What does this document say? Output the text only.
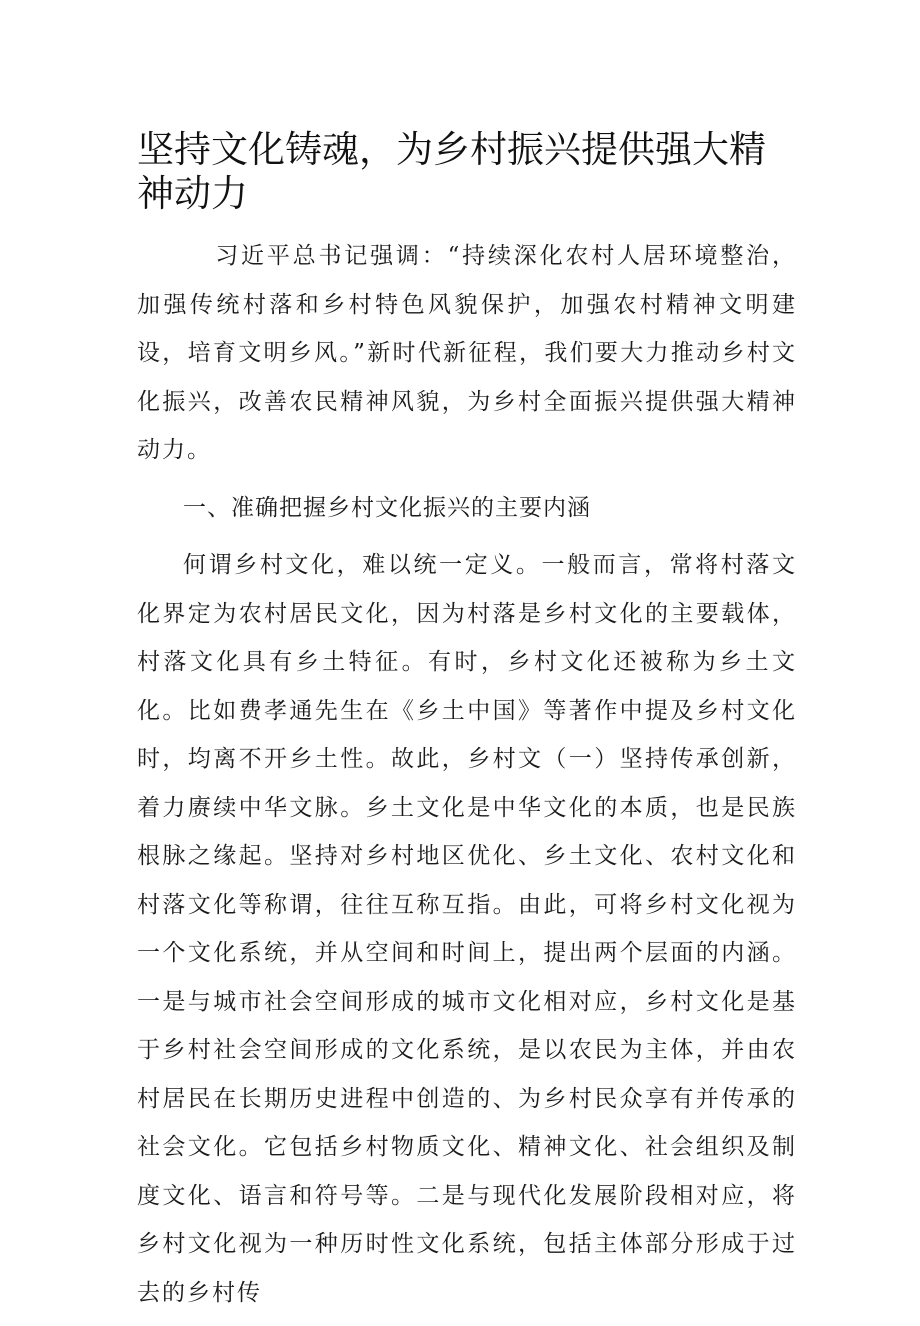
坚持文化铸魂，为乡村振兴提供强大精神动力

习近平总书记强调：“持续深化农村人居环境整治，加强传统村落和乡村特色风貌保护，加强农村精神文明建设，培育文明乡风。”新时代新征程，我们要大力推动乡村文化振兴，改善农民精神风貌，为乡村全面振兴提供强大精神动力。

一、准确把握乡村文化振兴的主要内涵

何谓乡村文化，难以统一定义。一般而言，常将村落文化界定为农村居民文化，因为村落是乡村文化的主要载体，村落文化具有乡土特征。有时，乡村文化还被称为乡土文化。比如费孝通先生在《乡土中国》等著作中提及乡村文化时，均离不开乡土性。故此，乡村文（一）坚持传承创新，着力赓续中华文脉。乡土文化是中华文化的本质，也是民族根脉之缘起。坚持对乡村地区优化、乡土文化、农村文化和村落文化等称谓，往往互称互指。由此，可将乡村文化视为一个文化系统，并从空间和时间上，提出两个层面的内涵。一是与城市社会空间形成的城市文化相对应，乡村文化是基于乡村社会空间形成的文化系统，是以农民为主体，并由农村居民在长期历史进程中创造的、为乡村民众享有并传承的社会文化。它包括乡村物质文化、精神文化、社会组织及制度文化、语言和符号等。二是与现代化发展阶段相对应，将乡村文化视为一种历时性文化系统，包括主体部分形成于过去的乡村传
